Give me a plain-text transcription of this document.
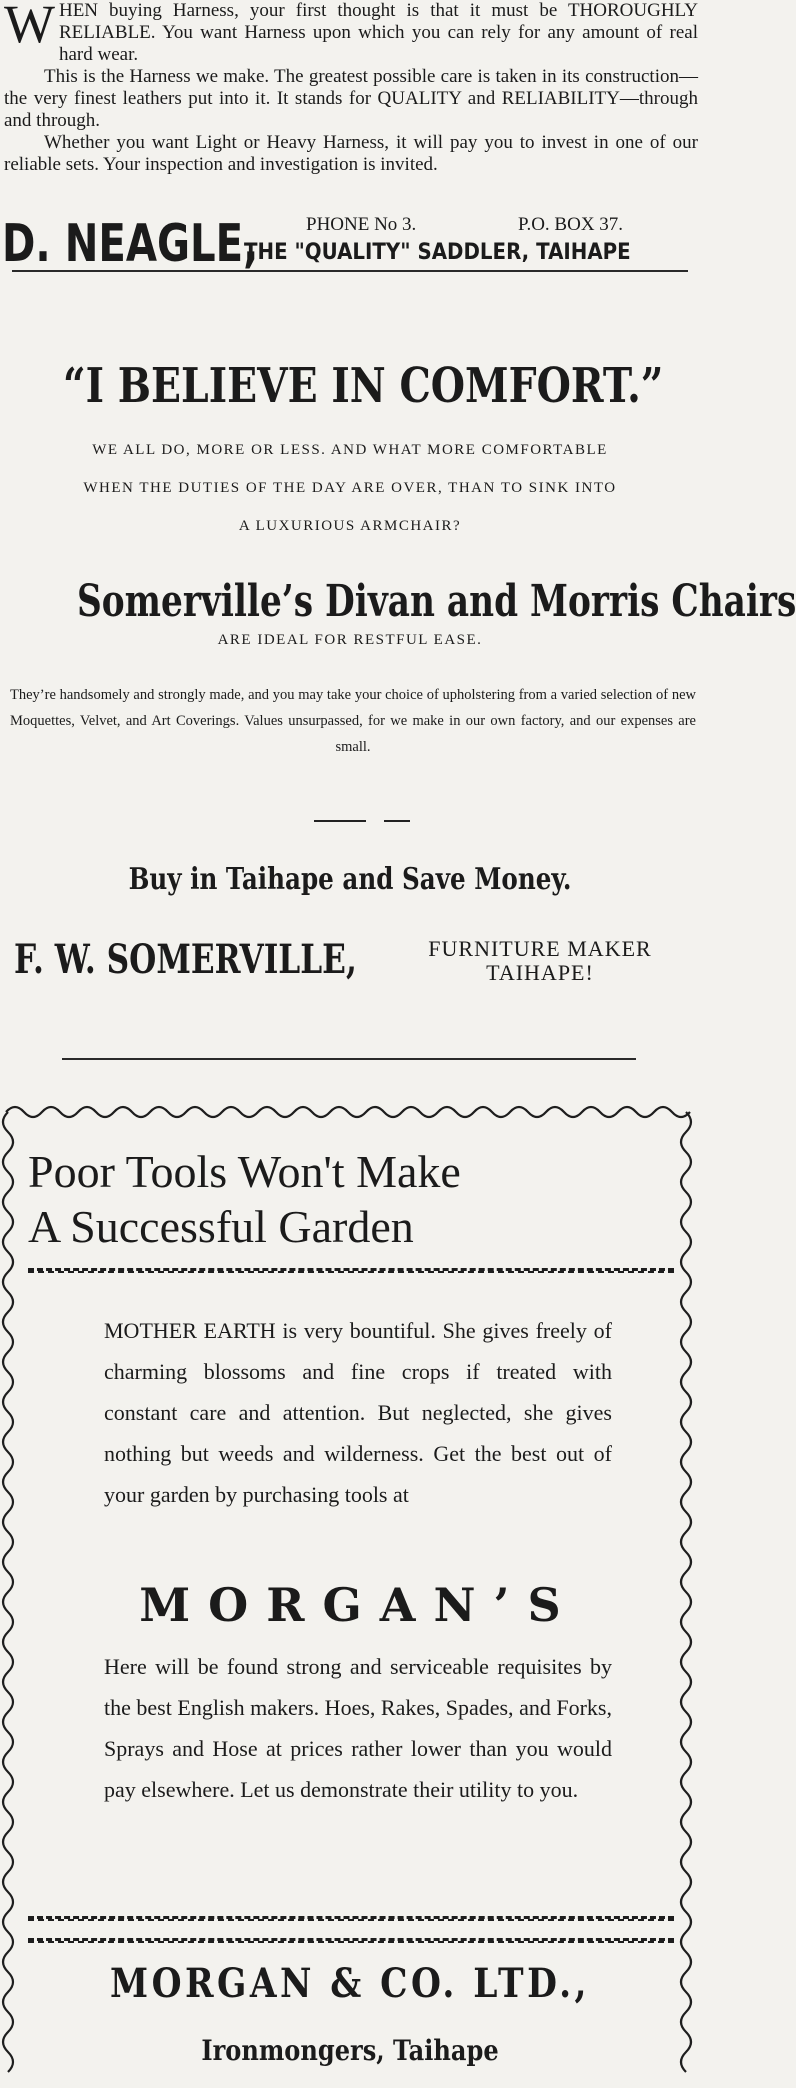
WHEN buying Harness, your first thought is that it must be THOROUGHLY RELIABLE. You want Harness upon which you can rely for any amount of real hard wear.

This is the Harness we make. The greatest possible care is taken in its construction—the very finest leathers put into it. It stands for QUALITY and RELIABILITY—through and through.

Whether you want Light or Heavy Harness, it will pay you to invest in one of our reliable sets. Your inspection and investigation is invited.

D. NEAGLE,	PHONE No 3.	P.O. BOX 37.
THE "QUALITY" SADDLER, TAIHAPE
“I BELIEVE IN COMFORT.”
WE ALL DO, MORE OR LESS. AND WHAT MORE COMFORTABLE
WHEN THE DUTIES OF THE DAY ARE OVER, THAN TO SINK INTO
A LUXURIOUS ARMCHAIR?
Somerville’s Divan and Morris Chairs
ARE IDEAL FOR RESTFUL EASE.
They’re handsomely and strongly made, and you may take your choice of upholstering from a varied selection of new Moquettes, Velvet, and Art Coverings. Values unsurpassed, for we make in our own factory, and our expenses are small.
Buy in Taihape and Save Money.
F. W. SOMERVILLE,	FURNITURE MAKER
TAIHAPE!
Poor Tools Won't Make
A Successful Garden
MOTHER EARTH is very bountiful. She gives freely of charming blossoms and fine crops if treated with constant care and attention. But neglected, she gives nothing but weeds and wilderness. Get the best out of your garden by purchasing tools at
MORGAN’S
Here will be found strong and serviceable requisites by the best English makers. Hoes, Rakes, Spades, and Forks, Sprays and Hose at prices rather lower than you would pay elsewhere. Let us demonstrate their utility to you.
MORGAN & CO. LTD.,
Ironmongers, Taihape
